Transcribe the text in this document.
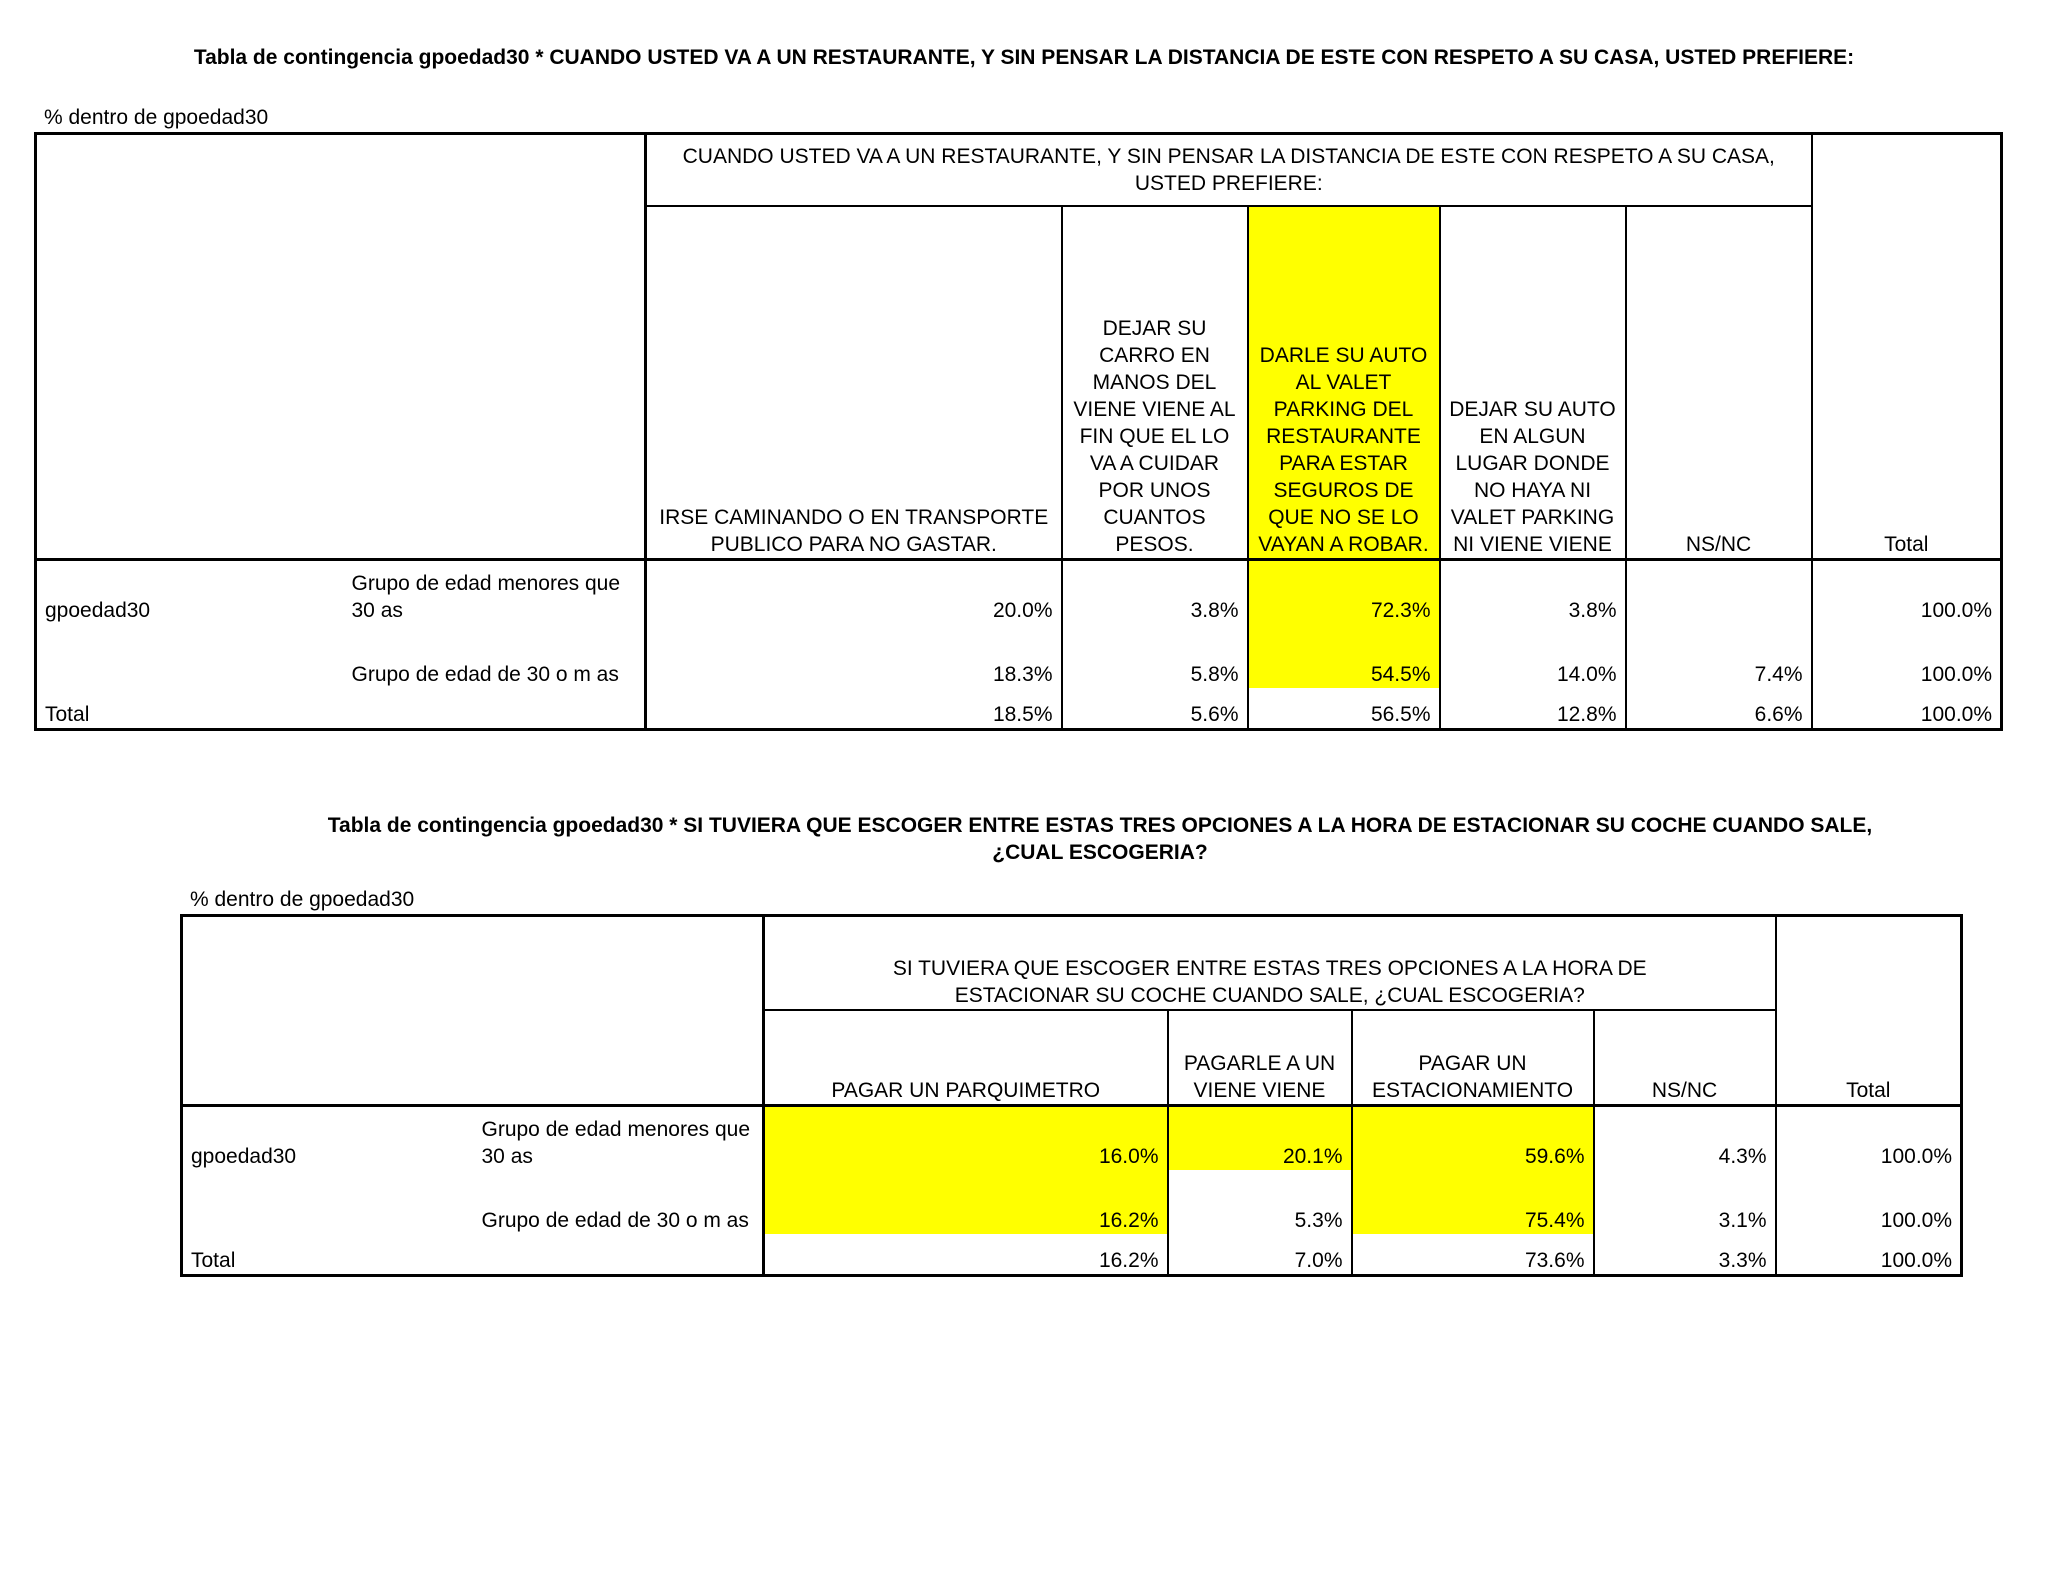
Tabla de contingencia gpoedad30 * CUANDO USTED VA A UN RESTAURANTE, Y SIN PENSAR LA DISTANCIA DE ESTE CON RESPETO A SU CASA, USTED PREFIERE:
% dentro de gpoedad30
		CUANDO USTED VA A UN RESTAURANTE, Y SIN PENSAR LA DISTANCIA DE ESTE CON RESPETO A SU CASA, USTED PREFIERE:					Total
		IRSE CAMINANDO O EN TRANSPORTE PUBLICO PARA NO GASTAR.	DEJAR SU CARRO EN MANOS DEL VIENE VIENE AL FIN QUE EL LO VA A CUIDAR POR UNOS CUANTOS PESOS.	DARLE SU AUTO AL VALET PARKING DEL RESTAURANTE PARA ESTAR SEGUROS DE QUE NO SE LO VAYAN A ROBAR.	DEJAR SU AUTO EN ALGUN LUGAR DONDE NO HAYA NI VALET PARKING NI VIENE VIENE	NS/NC	
gpoedad30	Grupo de edad menores que 30 as	20.0%	3.8%	72.3%	3.8%		100.0%
	Grupo de edad de 30 o m as	18.3%	5.8%	54.5%	14.0%	7.4%	100.0%
Total		18.5%	5.6%	56.5%	12.8%	6.6%	100.0%
Tabla de contingencia gpoedad30 * SI TUVIERA QUE ESCOGER ENTRE ESTAS TRES OPCIONES A LA HORA DE ESTACIONAR SU COCHE CUANDO SALE,
¿CUAL ESCOGERIA?
% dentro de gpoedad30
		SI TUVIERA QUE ESCOGER ENTRE ESTAS TRES OPCIONES A LA HORA DE ESTACIONAR SU COCHE CUANDO SALE, ¿CUAL ESCOGERIA?				Total
		PAGAR UN PARQUIMETRO	PAGARLE A UN VIENE VIENE	PAGAR UN ESTACIONAMIENTO	NS/NC	
gpoedad30	Grupo de edad menores que 30 as	16.0%	20.1%	59.6%	4.3%	100.0%
	Grupo de edad de 30 o m as	16.2%	5.3%	75.4%	3.1%	100.0%
Total		16.2%	7.0%	73.6%	3.3%	100.0%
